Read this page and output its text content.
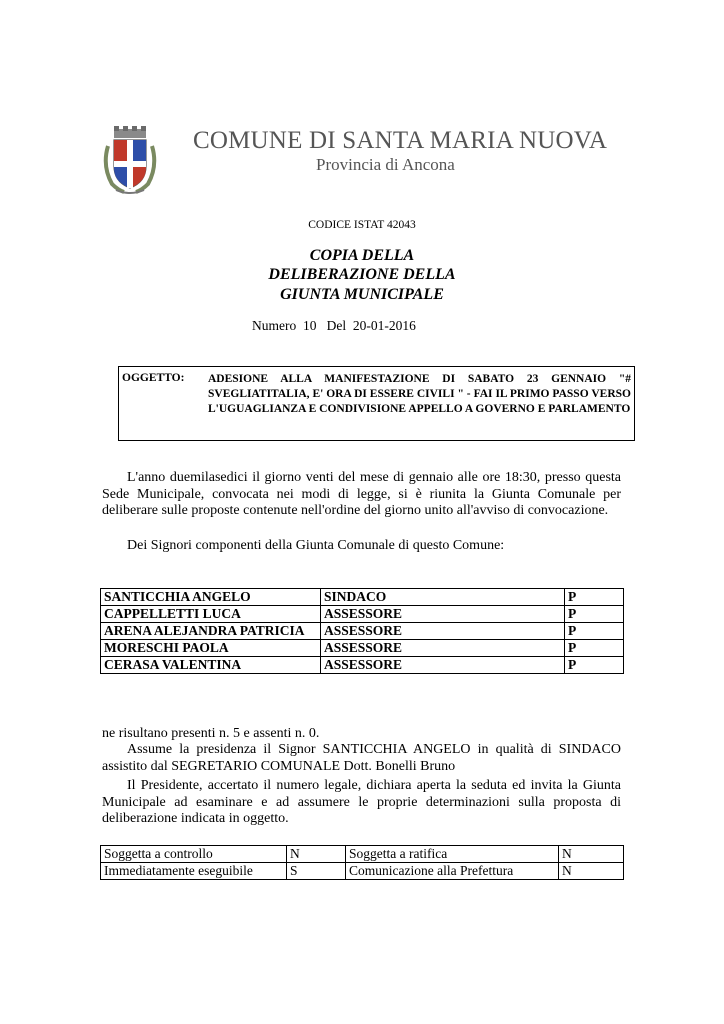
COMUNE DI SANTA MARIA NUOVA
Provincia di Ancona
CODICE ISTAT 42043
COPIA DELLA
DELIBERAZIONE DELLA
GIUNTA MUNICIPALE
Numero  10   Del  20-01-2016
OGGETTO: ADESIONE ALLA MANIFESTAZIONE DI SABATO 23 GENNAIO "# SVEGLIATITALIA, E' ORA DI ESSERE CIVILI " - FAI IL PRIMO PASSO VERSO L'UGUAGLIANZA E CONDIVISIONE APPELLO A GOVERNO E PARLAMENTO
L'anno duemilasedici il giorno venti del mese di gennaio alle ore 18:30, presso questa Sede Municipale, convocata nei modi di legge, si è riunita la Giunta Comunale per deliberare sulle proposte contenute nell'ordine del giorno unito all'avviso di convocazione.
Dei Signori componenti della Giunta Comunale di questo Comune:
SANTICCHIA ANGELO	SINDACO	P
CAPPELLETTI LUCA	ASSESSORE	P
ARENA ALEJANDRA PATRICIA	ASSESSORE	P
MORESCHI PAOLA	ASSESSORE	P
CERASA VALENTINA	ASSESSORE	P
ne risultano presenti n. 5 e assenti n. 0.
Assume la presidenza il Signor SANTICCHIA ANGELO in qualità di SINDACO assistito dal SEGRETARIO COMUNALE Dott. Bonelli Bruno
Il Presidente, accertato il numero legale, dichiara aperta la seduta ed invita la Giunta Municipale ad esaminare e ad assumere le proprie determinazioni sulla proposta di deliberazione indicata in oggetto.
Soggetta a controllo	N	Soggetta a ratifica	N
Immediatamente eseguibile	S	Comunicazione alla Prefettura	N
